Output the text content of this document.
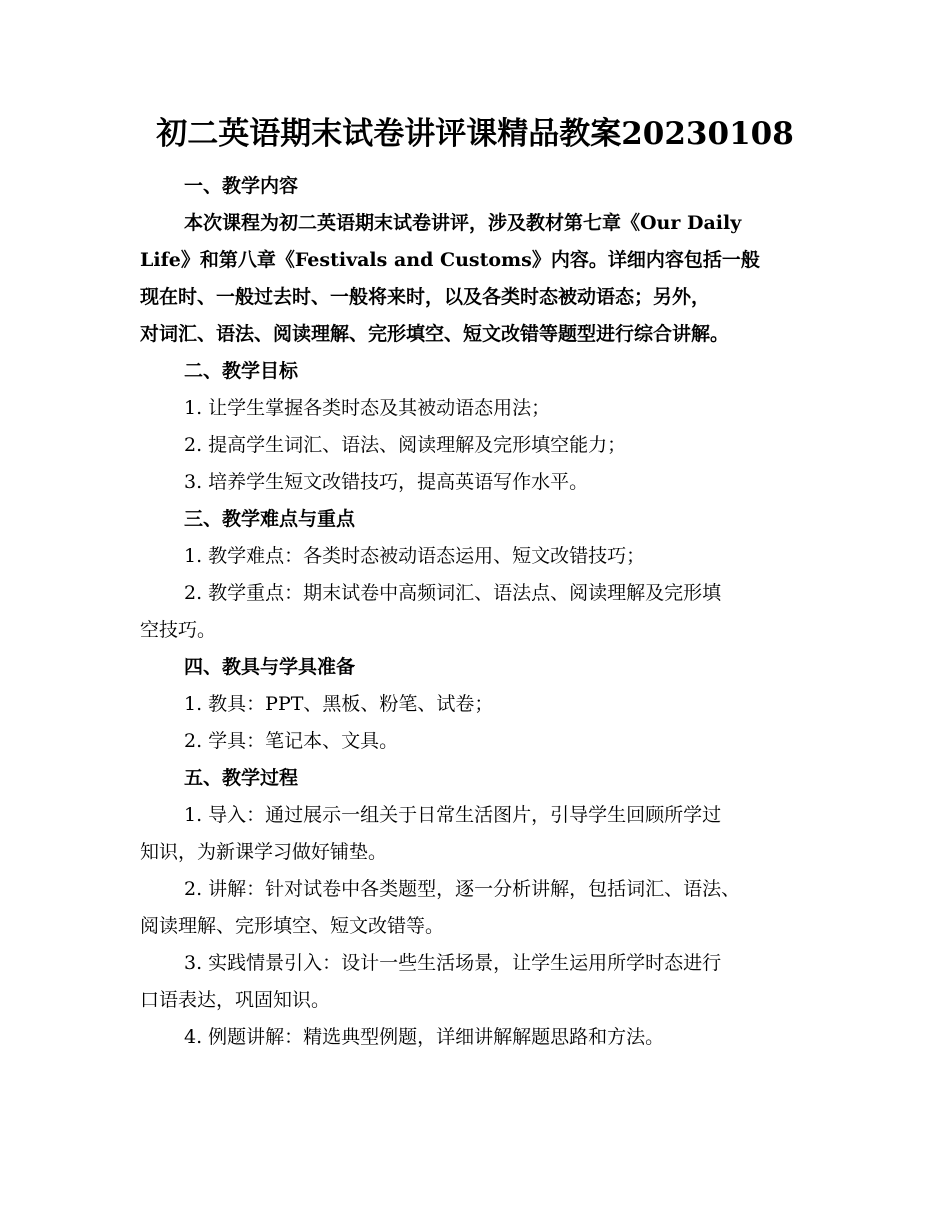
初二英语期末试卷讲评课精品教案20230108

一、教学内容

本次课程为初二英语期末试卷讲评，涉及教材第七章《Our Daily
Life》和第八章《Festivals and Customs》内容。详细内容包括一般
现在时、一般过去时、一般将来时，以及各类时态被动语态；另外，
对词汇、语法、阅读理解、完形填空、短文改错等题型进行综合讲解。

二、教学目标

1. 让学生掌握各类时态及其被动语态用法；

2. 提高学生词汇、语法、阅读理解及完形填空能力；

3. 培养学生短文改错技巧，提高英语写作水平。

三、教学难点与重点

1. 教学难点：各类时态被动语态运用、短文改错技巧；

2. 教学重点：期末试卷中高频词汇、语法点、阅读理解及完形填
空技巧。

四、教具与学具准备

1. 教具：PPT、黑板、粉笔、试卷；

2. 学具：笔记本、文具。

五、教学过程

1. 导入：通过展示一组关于日常生活图片，引导学生回顾所学过
知识，为新课学习做好铺垫。

2. 讲解：针对试卷中各类题型，逐一分析讲解，包括词汇、语法、
阅读理解、完形填空、短文改错等。

3. 实践情景引入：设计一些生活场景，让学生运用所学时态进行
口语表达，巩固知识。

4. 例题讲解：精选典型例题，详细讲解解题思路和方法。
